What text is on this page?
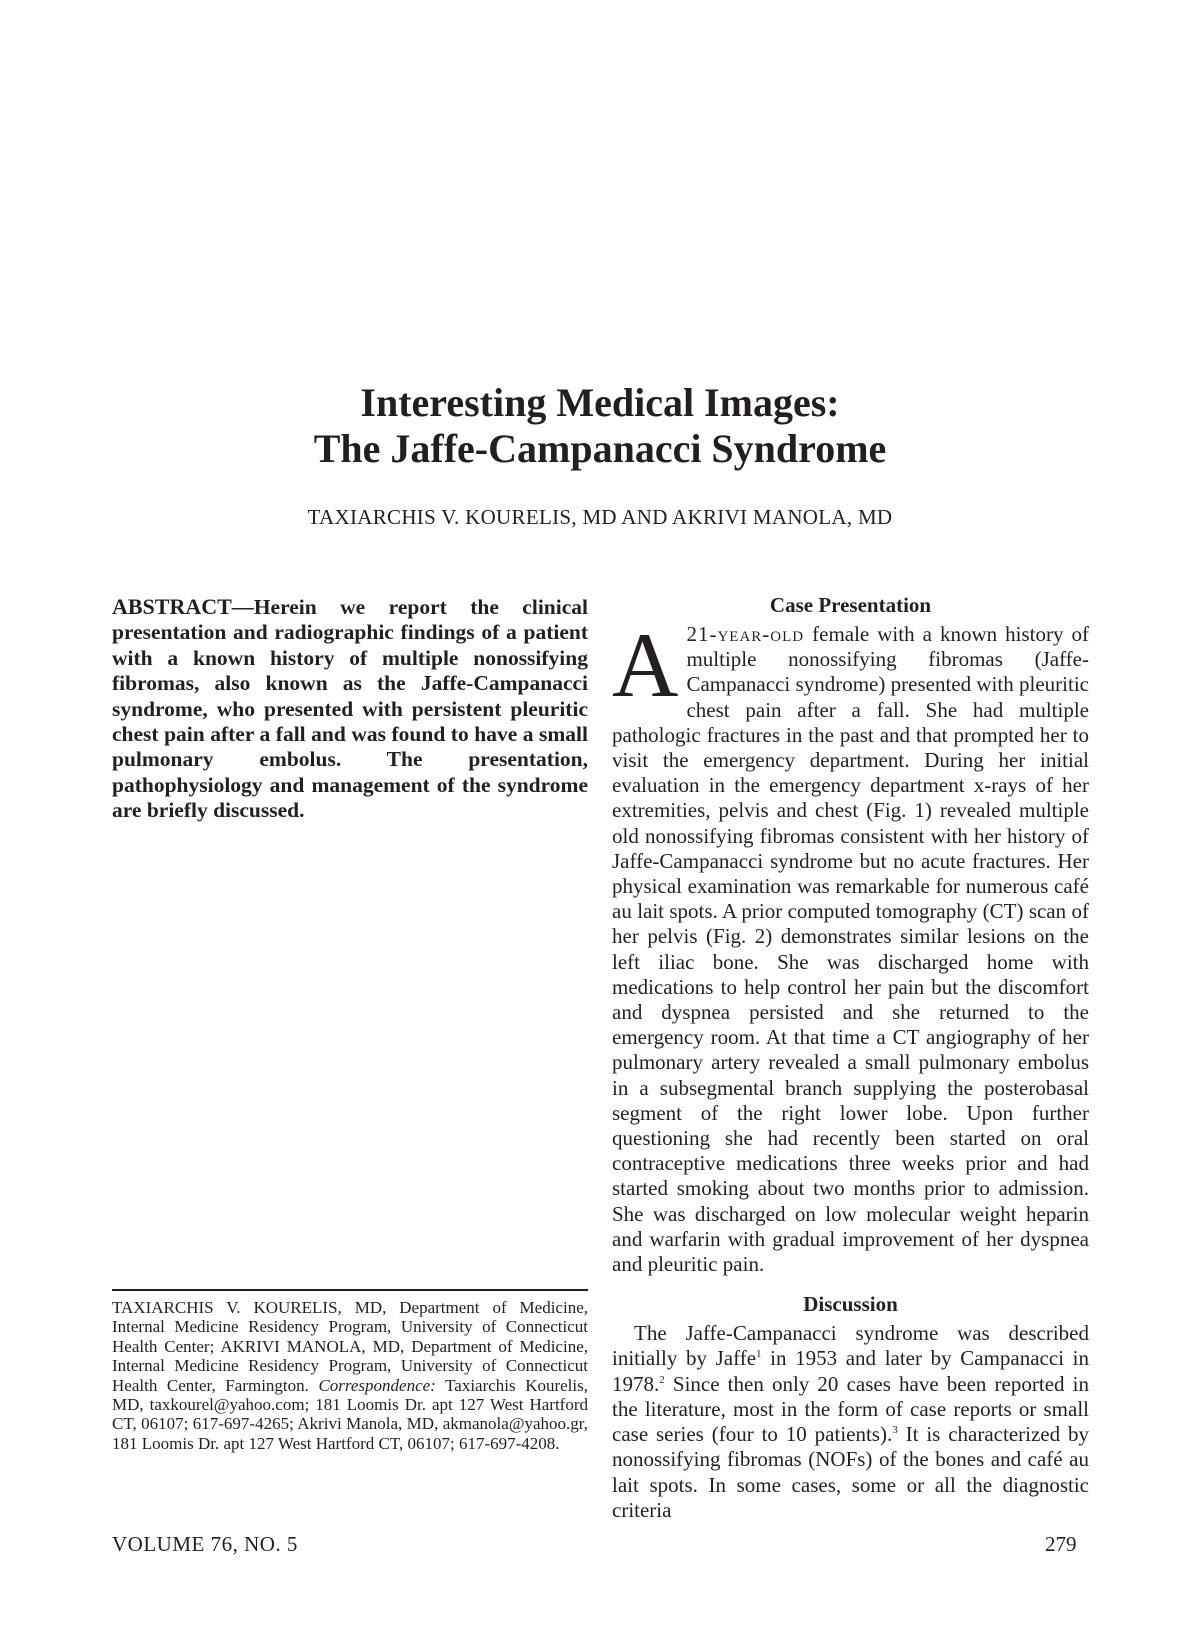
Interesting Medical Images:
The Jaffe-Campanacci Syndrome
TAXIARCHIS V. KOURELIS, MD AND AKRIVI MANOLA, MD

ABSTRACT—Herein we report the clinical presentation and radiographic findings of a patient with a known history of multiple nonossifying fibromas, also known as the Jaffe-Campanacci syndrome, who presented with persistent pleuritic chest pain after a fall and was found to have a small pulmonary embolus. The presentation, pathophysiology and management of the syndrome are briefly discussed.

TAXIARCHIS V. KOURELIS, MD, Department of Medicine, Internal Medicine Residency Program, University of Connecticut Health Center; AKRIVI MANOLA, MD, Department of Medicine, Internal Medicine Residency Program, University of Connecticut Health Center, Farmington. Correspondence: Taxiarchis Kourelis, MD, taxkourel@yahoo.com; 181 Loomis Dr. apt 127 West Hartford CT, 06107; 617-697-4265; Akrivi Manola, MD, akmanola@yahoo.gr, 181 Loomis Dr. apt 127 West Hartford CT, 06107; 617-697-4208.

Case Presentation

A 21-year-old female with a known history of multiple nonossifying fibromas (Jaffe-Campanacci syndrome) presented with pleuritic chest pain after a fall. She had multiple pathologic fractures in the past and that prompted her to visit the emergency department. During her initial evaluation in the emergency department x-rays of her extremities, pelvis and chest (Fig. 1) revealed multiple old nonossifying fibromas consistent with her history of Jaffe-Campanacci syndrome but no acute fractures. Her physical examination was remarkable for numerous café au lait spots. A prior computed tomography (CT) scan of her pelvis (Fig. 2) demonstrates similar lesions on the left iliac bone. She was discharged home with medications to help control her pain but the discomfort and dyspnea persisted and she returned to the emergency room. At that time a CT angiography of her pulmonary artery revealed a small pulmonary embolus in a subsegmental branch supplying the posterobasal segment of the right lower lobe. Upon further questioning she had recently been started on oral contraceptive medications three weeks prior and had started smoking about two months prior to admission. She was discharged on low molecular weight heparin and warfarin with gradual improvement of her dyspnea and pleuritic pain.

Discussion

The Jaffe-Campanacci syndrome was described initially by Jaffe$^1$ in 1953 and later by Campanacci in 1978.$^2$ Since then only 20 cases have been reported in the literature, most in the form of case reports or small case series (four to 10 patients).$^3$ It is characterized by nonossifying fibromas (NOFs) of the bones and café au lait spots. In some cases, some or all the diagnostic criteria

VOLUME 76, NO. 5	279
